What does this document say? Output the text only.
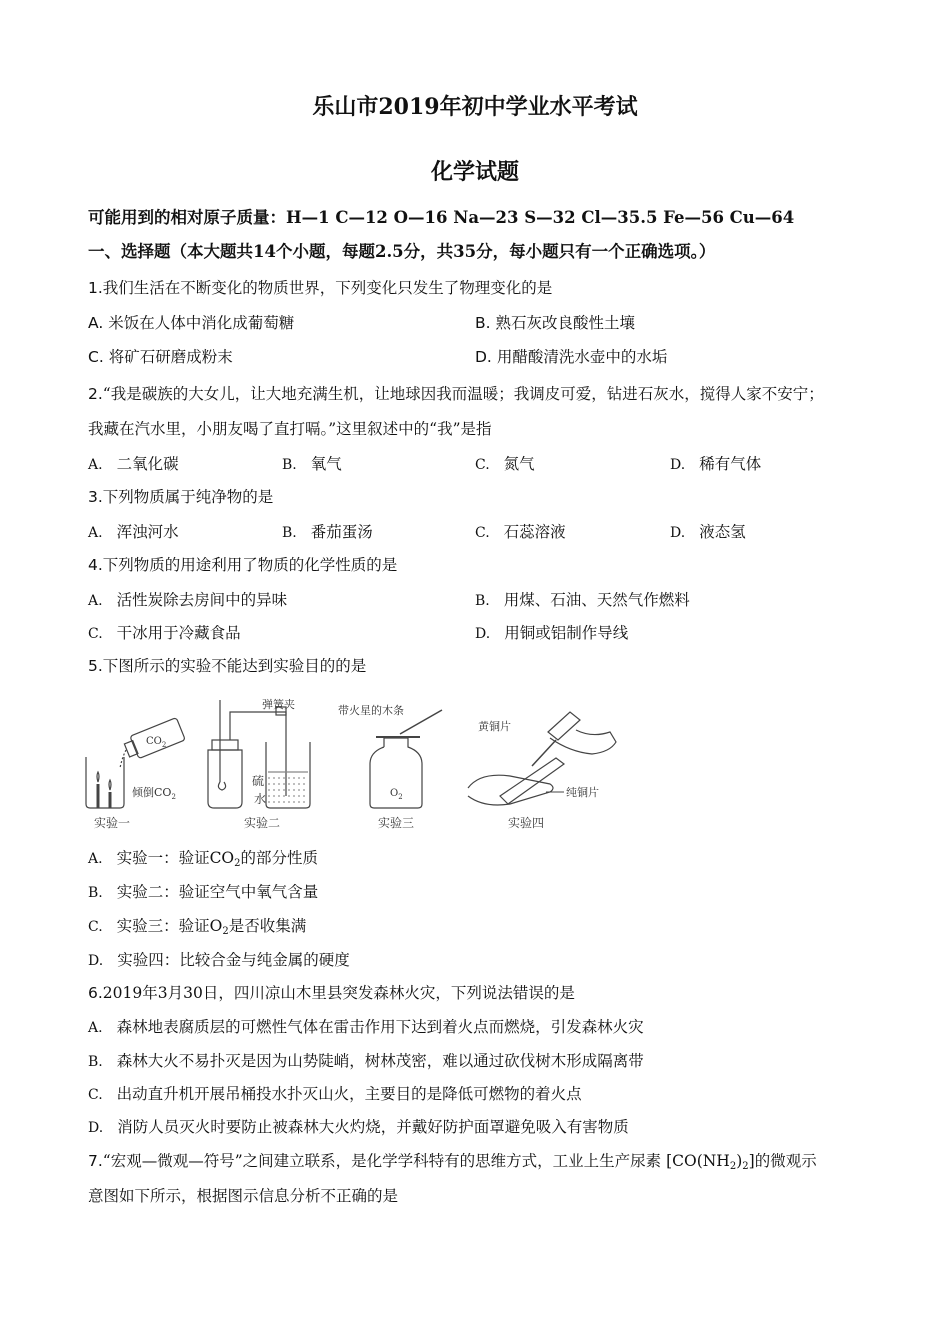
乐山市2019年初中学业水平考试
化学试题
可能用到的相对原子质量：H—1 C—12 O—16 Na—23 S—32 Cl—35.5 Fe—56 Cu—64
一、选择题（本大题共14个小题，每题2.5分，共35分，每小题只有一个正确选项。）
1.我们生活在不断变化的物质世界，下列变化只发生了物理变化的是
A. 米饭在人体中消化成葡萄糖	B. 熟石灰改良酸性土壤
C. 将矿石研磨成粉末	D. 用醋酸清洗水壶中的水垢
2.“我是碳族的大女儿，让大地充满生机，让地球因我而温暖；我调皮可爱，钻进石灰水，搅得人家不安宁；
我藏在汽水里，小朋友喝了直打嗝。”这里叙述中的“我”是指
A. 二氧化碳	B. 氧气	C. 氮气	D. 稀有气体
3.下列物质属于纯净物的是
A. 浑浊河水	B. 番茄蛋汤	C. 石蕊溶液	D. 液态氢
4.下列物质的用途利用了物质的化学性质的是
A. 活性炭除去房间中的异味	B. 用煤、石油、天然气作燃料
C. 干冰用于冷藏食品	D. 用铜或铝制作导线
5.下图所示的实验不能达到实验目的的是
$CO_2$
倾倒$CO_2$
实验一
弹簧夹
硫
水
实验二
带火星的木条
$O_2$
实验三
黄铜片
纯铜片
实验四
A. 实验一：验证$CO_2$的部分性质
B. 实验二：验证空气中氧气含量
C. 实验三：验证$O_2$是否收集满
D. 实验四：比较合金与纯金属的硬度
6.2019年3月30日，四川凉山木里县突发森林火灾，下列说法错误的是
A. 森林地表腐质层的可燃性气体在雷击作用下达到着火点而燃烧，引发森林火灾
B. 森林大火不易扑灭是因为山势陡峭，树林茂密，难以通过砍伐树木形成隔离带
C. 出动直升机开展吊桶投水扑灭山火，主要目的是降低可燃物的着火点
D. 消防人员灭火时要防止被森林大火灼烧，并戴好防护面罩避免吸入有害物质
7.“宏观—微观—符号”之间建立联系，是化学学科特有的思维方式，工业上生产尿素 $[CO(NH_2)_2]$的微观示
意图如下所示，根据图示信息分析不正确的是
